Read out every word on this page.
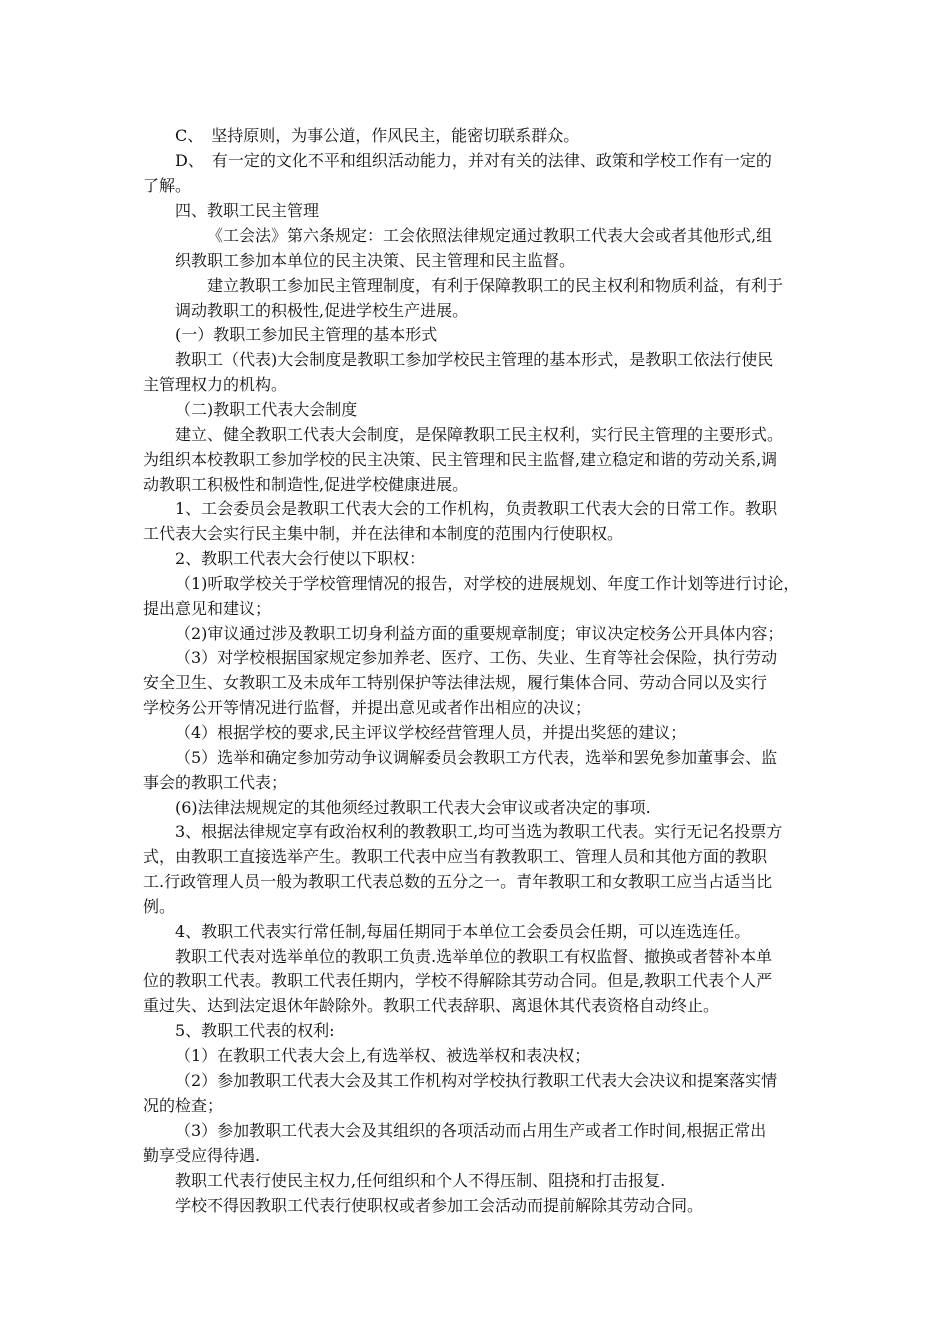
C、　坚持原则，为事公道，作风民主，能密切联系群众。
D、　有一定的文化不平和组织活动能力，并对有关的法律、政策和学校工作有一定的
了解。
四、教职工民主管理
《工会法》第六条规定：工会依照法律规定通过教职工代表大会或者其他形式,组
织教职工参加本单位的民主决策、民主管理和民主监督。
建立教职工参加民主管理制度，有利于保障教职工的民主权利和物质利益，有利于
调动教职工的积极性,促进学校生产进展。
(一）教职工参加民主管理的基本形式
教职工（代表)大会制度是教职工参加学校民主管理的基本形式，是教职工依法行使民
主管理权力的机构。
（二)教职工代表大会制度
建立、健全教职工代表大会制度，是保障教职工民主权利，实行民主管理的主要形式。
为组织本校教职工参加学校的民主决策、民主管理和民主监督,建立稳定和谐的劳动关系,调
动教职工积极性和制造性,促进学校健康进展。
1、工会委员会是教职工代表大会的工作机构，负责教职工代表大会的日常工作。教职
工代表大会实行民主集中制，并在法律和本制度的范围内行使职权。
2、教职工代表大会行使以下职权：
（1)听取学校关于学校管理情况的报告，对学校的进展规划、年度工作计划等进行讨论，
提出意见和建议；
（2)审议通过涉及教职工切身利益方面的重要规章制度；审议决定校务公开具体内容；
（3）对学校根据国家规定参加养老、医疗、工伤、失业、生育等社会保险，执行劳动
安全卫生、女教职工及未成年工特别保护等法律法规，履行集体合同、劳动合同以及实行
学校务公开等情况进行监督，并提出意见或者作出相应的决议；
（4）根据学校的要求,民主评议学校经营管理人员，并提出奖惩的建议；
（5）选举和确定参加劳动争议调解委员会教职工方代表，选举和罢免参加董事会、监
事会的教职工代表；
(6)法律法规规定的其他须经过教职工代表大会审议或者决定的事项.
3、根据法律规定享有政治权利的教教职工,均可当选为教职工代表。实行无记名投票方
式，由教职工直接选举产生。教职工代表中应当有教教职工、管理人员和其他方面的教职
工.行政管理人员一般为教职工代表总数的五分之一。青年教职工和女教职工应当占适当比
例。
4、教职工代表实行常任制,每届任期同于本单位工会委员会任期，可以连选连任。
教职工代表对选举单位的教职工负责.选举单位的教职工有权监督、撤换或者替补本单
位的教职工代表。教职工代表任期内，学校不得解除其劳动合同。但是,教职工代表个人严
重过失、达到法定退休年龄除外。教职工代表辞职、离退休其代表资格自动终止。
5、教职工代表的权利:
（1）在教职工代表大会上,有选举权、被选举权和表决权；
（2）参加教职工代表大会及其工作机构对学校执行教职工代表大会决议和提案落实情
况的检查；
（3）参加教职工代表大会及其组织的各项活动而占用生产或者工作时间,根据正常出
勤享受应得待遇.
教职工代表行使民主权力,任何组织和个人不得压制、阻挠和打击报复.
学校不得因教职工代表行使职权或者参加工会活动而提前解除其劳动合同。
